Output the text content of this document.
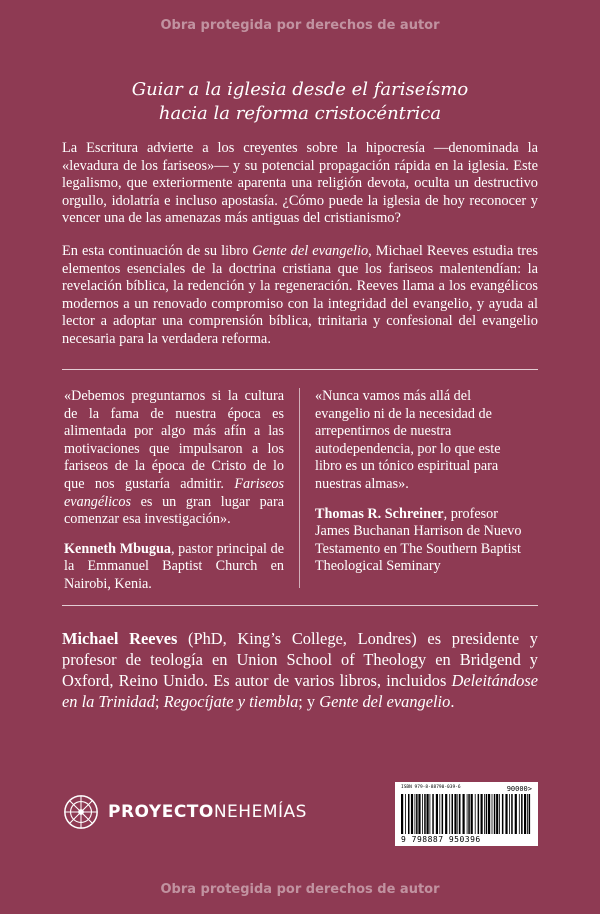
Obra protegida por derechos de autor
Guiar a la iglesia desde el fariseísmo
hacia la reforma cristocéntrica
La Escritura advierte a los creyentes sobre la hipocresía —denominada la «levadura de los fariseos»— y su potencial propagación rápida en la iglesia. Este legalismo, que exteriormente aparenta una religión devota, oculta un destructivo orgullo, idolatría e incluso apostasía. ¿Cómo puede la iglesia de hoy reconocer y vencer una de las amenazas más antiguas del cristianismo?
En esta continuación de su libro Gente del evangelio, Michael Reeves estudia tres elementos esenciales de la doctrina cristiana que los fariseos malentendían: la revelación bíblica, la redención y la regeneración. Reeves llama a los evangélicos modernos a un renovado compromiso con la integridad del evangelio, y ayuda al lector a adoptar una comprensión bíblica, trinitaria y confesional del evangelio necesaria para la verdadera reforma.
«Debemos preguntarnos si la cultura de la fama de nuestra época es alimentada por algo más afín a las motivaciones que impulsaron a los fariseos de la época de Cristo de lo que nos gustaría admitir. Fariseos evangélicos es un gran lugar para comenzar esa investigación».
Kenneth Mbugua, pastor principal de la Emmanuel Baptist Church en Nairobi, Kenia.
«Nunca vamos más allá del evangelio ni de la necesidad de arrepentirnos de nuestra autodependencia, por lo que este libro es un tónico espiritual para nuestras almas».
Thomas R. Schreiner, profesor James Buchanan Harrison de Nuevo Testamento en The Southern Baptist Theological Seminary
Michael Reeves (PhD, King’s College, Londres) es presidente y profesor de teología en Union School of Theology en Bridgend y Oxford, Reino Unido. Es autor de varios libros, incluidos Deleitándose en la Trinidad; Regocíjate y tiembla; y Gente del evangelio.
PROYECTONEHEMÍAS
ISBN 979-8-88790-039-6	90000>
9 798887 950396
Obra protegida por derechos de autor
